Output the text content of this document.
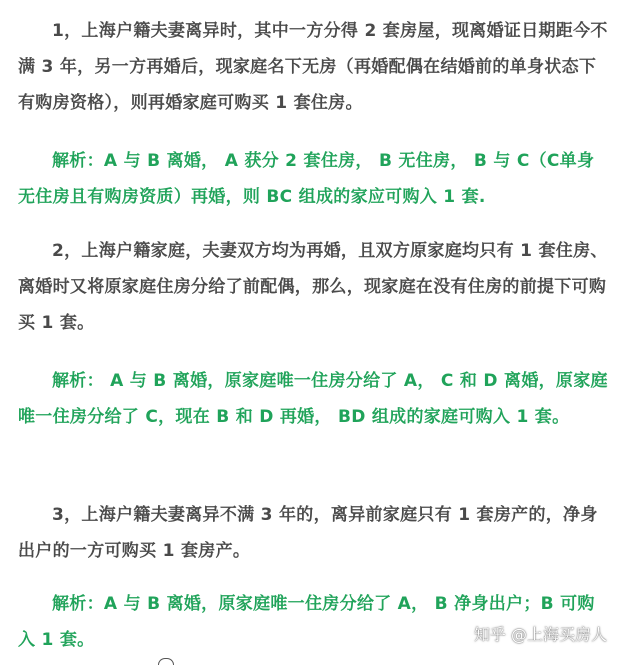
1，上海户籍夫妻离异时，其中一方分得 2 套房屋，现离婚证日期距今不满 3 年，另一方再婚后，现家庭名下无房（再婚配偶在结婚前的单身状态下有购房资格），则再婚家庭可购买 1 套住房。

解析：A 与 B 离婚， A 获分 2 套住房， B 无住房， B 与 C（C单身无住房且有购房资质）再婚，则 BC 组成的家应可购入 1 套.

2，上海户籍家庭，夫妻双方均为再婚，且双方原家庭均只有 1 套住房、离婚时又将原家庭住房分给了前配偶，那么，现家庭在没有住房的前提下可购买 1 套。

解析： A 与 B 离婚，原家庭唯一住房分给了 A， C 和 D 离婚，原家庭唯一住房分给了 C，现在 B 和 D 再婚， BD 组成的家庭可购入 1 套。

3，上海户籍夫妻离异不满 3 年的，离异前家庭只有 1 套房产的，净身出户的一方可购买 1 套房产。

解析：A 与 B 离婚，原家庭唯一住房分给了 A， B 净身出户；B 可购入 1 套。	知乎 @上海买房人
